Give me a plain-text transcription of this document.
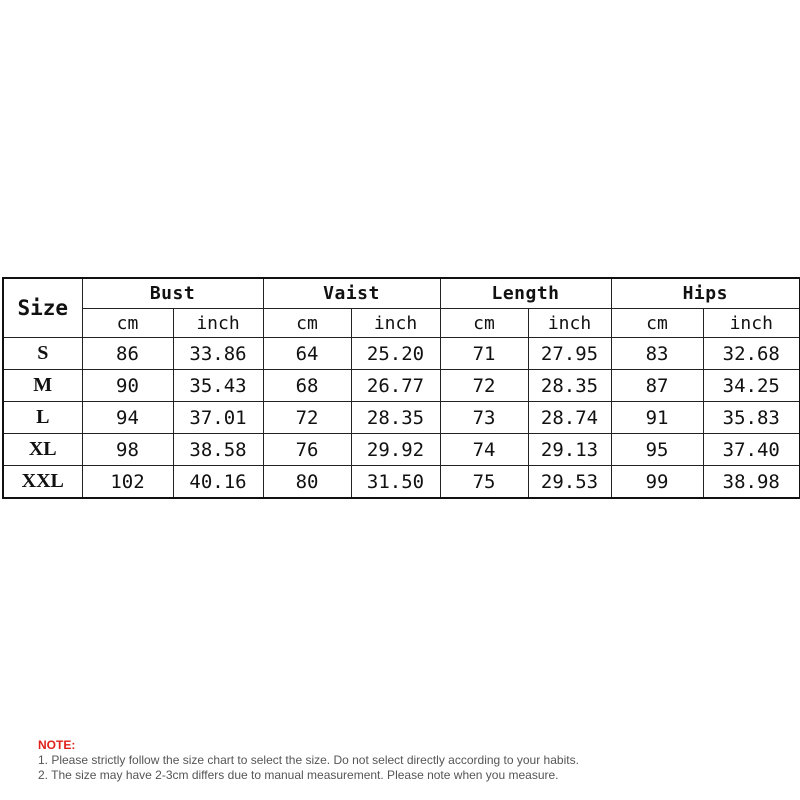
Size	Bust		Vaist		Length		Hips	
	cm	inch	cm	inch	cm	inch	cm	inch
S	86	33.86	64	25.20	71	27.95	83	32.68
M	90	35.43	68	26.77	72	28.35	87	34.25
L	94	37.01	72	28.35	73	28.74	91	35.83
XL	98	38.58	76	29.92	74	29.13	95	37.40
XXL	102	40.16	80	31.50	75	29.53	99	38.98
NOTE:
1. Please strictly follow the size chart to select the size. Do not select directly according to your habits.
2. The size may have 2-3cm differs due to manual measurement. Please note when you measure.
